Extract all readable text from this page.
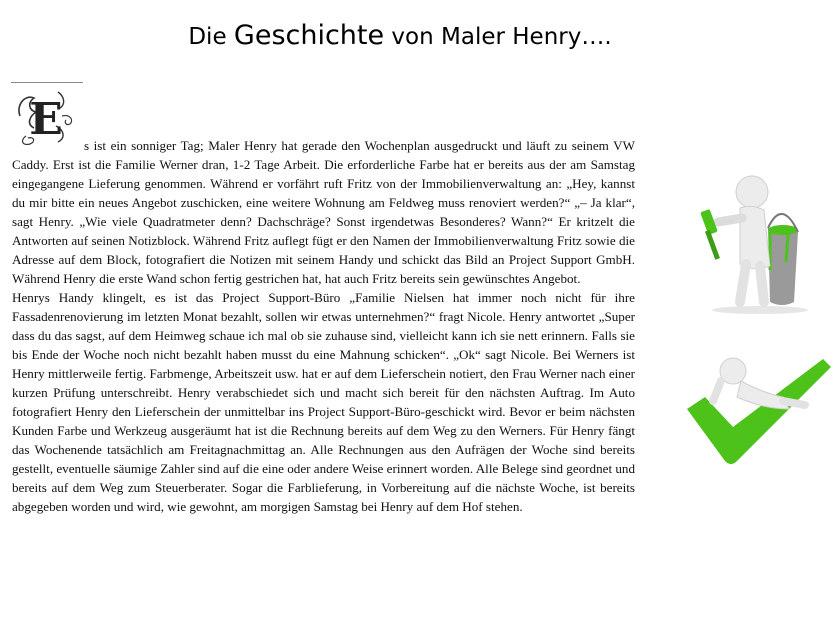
Die Geschichte von Maler Henry….
E

s ist ein sonniger Tag; Maler Henry hat gerade den Wochenplan ausgedruckt und läuft zu seinem VW Caddy. Erst ist die Familie Werner dran, 1-2 Tage Arbeit. Die erforderliche Farbe hat er bereits aus der am Samstag eingegangene Lieferung genommen. Während er vorfährt ruft Fritz von der Immobilienverwaltung an: „Hey, kannst du mir bitte ein neues Angebot zuschicken, eine weitere Wohnung am Feldweg muss renoviert werden?“ „– Ja klar“, sagt Henry. „Wie viele Quadratmeter denn? Dachschräge? Sonst irgendetwas Besonderes? Wann?“ Er kritzelt die Antworten auf seinen Notizblock. Während Fritz auflegt fügt er den Namen der Immobilienverwaltung Fritz sowie die Adresse auf dem Block, fotografiert die Notizen mit seinem Handy und schickt das Bild an Project Support GmbH. Während Henry die erste Wand schon fertig gestrichen hat, hat auch Fritz bereits sein gewünschtes Angebot.

Henrys Handy klingelt, es ist das Project Support-Büro „Familie Nielsen hat immer noch nicht für ihre Fassadenrenovierung im letzten Monat bezahlt, sollen wir etwas unternehmen?“ fragt Nicole. Henry antwortet „Super dass du das sagst, auf dem Heimweg schaue ich mal ob sie zuhause sind, vielleicht kann ich sie nett erinnern. Falls sie bis Ende der Woche noch nicht bezahlt haben musst du eine Mahnung schicken“. „Ok“ sagt Nicole. Bei Werners ist Henry mittlerweile fertig. Farbmenge, Arbeitszeit usw. hat er auf dem Lieferschein notiert, den Frau Werner nach einer kurzen Prüfung unterschreibt. Henry verabschiedet sich und macht sich bereit für den nächsten Auftrag. Im Auto fotografiert Henry den Lieferschein der unmittelbar ins Project Support-Büro-geschickt wird. Bevor er beim nächsten Kunden Farbe und Werkzeug ausgeräumt hat ist die Rechnung bereits auf dem Weg zu den Werners. Für Henry fängt das Wochenende tatsächlich am Freitagnachmittag an. Alle Rechnungen aus den Aufrägen der Woche sind bereits gestellt, eventuelle säumige Zahler sind auf die eine oder andere Weise erinnert worden. Alle Belege sind geordnet und bereits auf dem Weg zum Steuerberater. Sogar die Farblieferung, in Vorbereitung auf die nächste Woche, ist bereits abgegeben worden und wird, wie gewohnt, am morgigen Samstag bei Henry auf dem Hof stehen.
